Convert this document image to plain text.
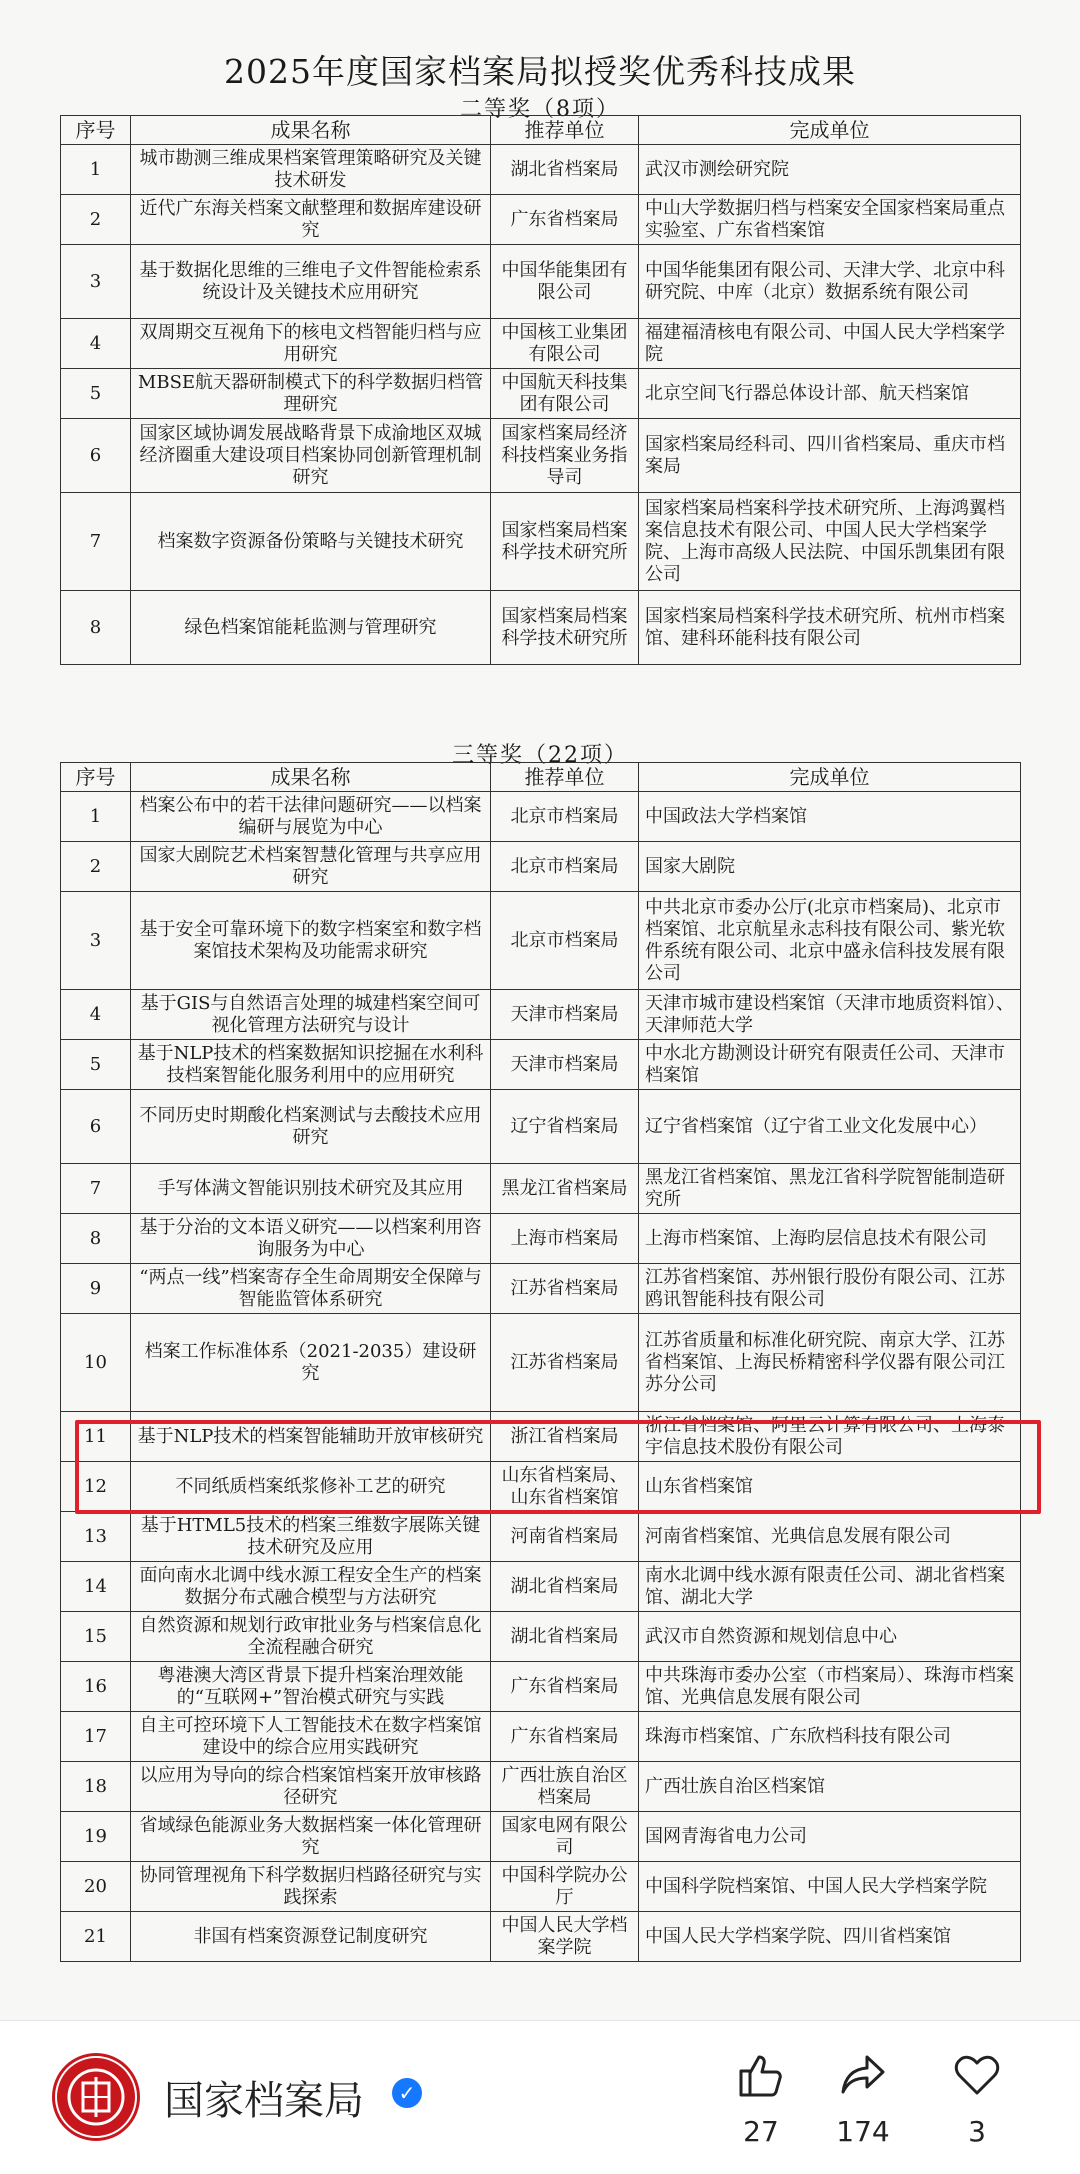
2025年度国家档案局拟授奖优秀科技成果
二等奖（8项）
序号	成果名称	推荐单位	完成单位
1	城市勘测三维成果档案管理策略研究及关键技术研发	湖北省档案局	武汉市测绘研究院
2	近代广东海关档案文献整理和数据库建设研究	广东省档案局	中山大学数据归档与档案安全国家档案局重点实验室、广东省档案馆
3	基于数据化思维的三维电子文件智能检索系统设计及关键技术应用研究	中国华能集团有限公司	中国华能集团有限公司、天津大学、北京中科研究院、中库（北京）数据系统有限公司
4	双周期交互视角下的核电文档智能归档与应用研究	中国核工业集团有限公司	福建福清核电有限公司、中国人民大学档案学院
5	MBSE航天器研制模式下的科学数据归档管理研究	中国航天科技集团有限公司	北京空间飞行器总体设计部、航天档案馆
6	国家区域协调发展战略背景下成渝地区双城经济圈重大建设项目档案协同创新管理机制研究	国家档案局经济科技档案业务指导司	国家档案局经科司、四川省档案局、重庆市档案局
7	档案数字资源备份策略与关键技术研究	国家档案局档案科学技术研究所	国家档案局档案科学技术研究所、上海鸿翼档案信息技术有限公司、中国人民大学档案学院、上海市高级人民法院、中国乐凯集团有限公司
8	绿色档案馆能耗监测与管理研究	国家档案局档案科学技术研究所	国家档案局档案科学技术研究所、杭州市档案馆、建科环能科技有限公司
三等奖（22项）
序号	成果名称	推荐单位	完成单位
1	档案公布中的若干法律问题研究——以档案编研与展览为中心	北京市档案局	中国政法大学档案馆
2	国家大剧院艺术档案智慧化管理与共享应用研究	北京市档案局	国家大剧院
3	基于安全可靠环境下的数字档案室和数字档案馆技术架构及功能需求研究	北京市档案局	中共北京市委办公厅(北京市档案局)、北京市档案馆、北京航星永志科技有限公司、紫光软件系统有限公司、北京中盛永信科技发展有限公司
4	基于GIS与自然语言处理的城建档案空间可视化管理方法研究与设计	天津市档案局	天津市城市建设档案馆（天津市地质资料馆）、天津师范大学
5	基于NLP技术的档案数据知识挖掘在水利科技档案智能化服务利用中的应用研究	天津市档案局	中水北方勘测设计研究有限责任公司、天津市档案馆
6	不同历史时期酸化档案测试与去酸技术应用研究	辽宁省档案局	辽宁省档案馆（辽宁省工业文化发展中心）
7	手写体满文智能识别技术研究及其应用	黑龙江省档案局	黑龙江省档案馆、黑龙江省科学院智能制造研究所
8	基于分治的文本语义研究——以档案利用咨询服务为中心	上海市档案局	上海市档案馆、上海昀层信息技术有限公司
9	“两点一线”档案寄存全生命周期安全保障与智能监管体系研究	江苏省档案局	江苏省档案馆、苏州银行股份有限公司、江苏鸥讯智能科技有限公司
10	档案工作标准体系（2021-2035）建设研究	江苏省档案局	江苏省质量和标准化研究院、南京大学、江苏省档案馆、上海民桥精密科学仪器有限公司江苏分公司
11	基于NLP技术的档案智能辅助开放审核研究	浙江省档案局	浙江省档案馆、阿里云计算有限公司、上海泰宇信息技术股份有限公司
12	不同纸质档案纸浆修补工艺的研究	山东省档案局、山东省档案馆	山东省档案馆
13	基于HTML5技术的档案三维数字展陈关键技术研究及应用	河南省档案局	河南省档案馆、光典信息发展有限公司
14	面向南水北调中线水源工程安全生产的档案数据分布式融合模型与方法研究	湖北省档案局	南水北调中线水源有限责任公司、湖北省档案馆、湖北大学
15	自然资源和规划行政审批业务与档案信息化全流程融合研究	湖北省档案局	武汉市自然资源和规划信息中心
16	粤港澳大湾区背景下提升档案治理效能的“互联网+”智治模式研究与实践	广东省档案局	中共珠海市委办公室（市档案局）、珠海市档案馆、光典信息发展有限公司
17	自主可控环境下人工智能技术在数字档案馆建设中的综合应用实践研究	广东省档案局	珠海市档案馆、广东欣档科技有限公司
18	以应用为导向的综合档案馆档案开放审核路径研究	广西壮族自治区档案局	广西壮族自治区档案馆
19	省域绿色能源业务大数据档案一体化管理研究	国家电网有限公司	国网青海省电力公司
20	协同管理视角下科学数据归档路径研究与实践探索	中国科学院办公厅	中国科学院档案馆、中国人民大学档案学院
21	非国有档案资源登记制度研究	中国人民大学档案学院	中国人民大学档案学院、四川省档案馆
国家档案局	✓
27	174	3
